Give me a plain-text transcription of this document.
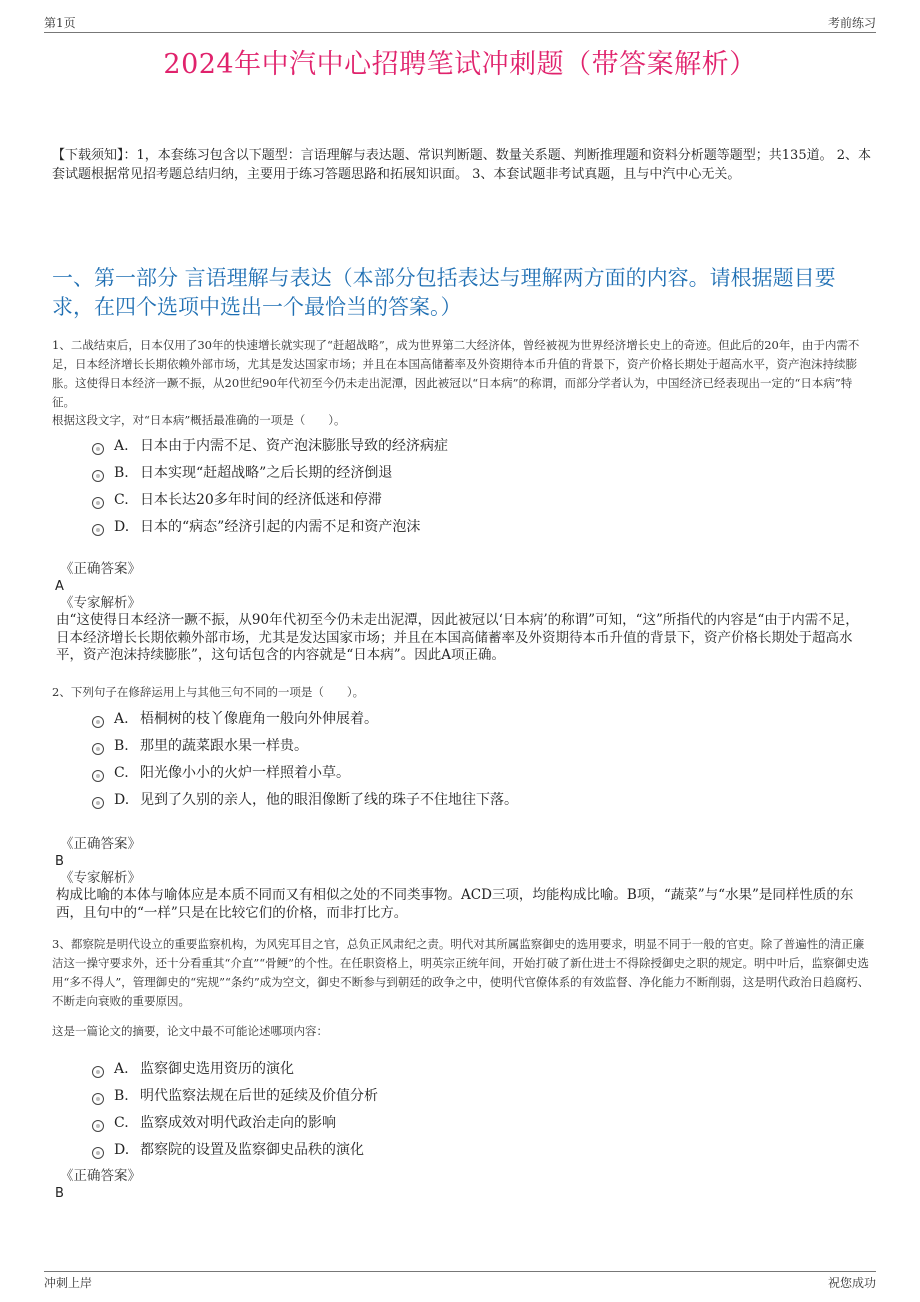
第1页	考前练习
2024年中汽中心招聘笔试冲刺题（带答案解析）
【下载须知】：1，本套练习包含以下题型：言语理解与表达题、常识判断题、数量关系题、判断推理题和资料分析题等题型；共135道。 2、本套试题根据常见招考题总结归纳，主要用于练习答题思路和拓展知识面。 3、本套试题非考试真题，且与中汽中心无关。
一、第一部分 言语理解与表达（本部分包括表达与理解两方面的内容。请根据题目要求，在四个选项中选出一个最恰当的答案。）
1、二战结束后，日本仅用了30年的快速增长就实现了“赶超战略”，成为世界第二大经济体，曾经被视为世界经济增长史上的奇迹。但此后的20年，由于内需不足，日本经济增长长期依赖外部市场，尤其是发达国家市场；并且在本国高储蓄率及外资期待本币升值的背景下，资产价格长期处于超高水平，资产泡沫持续膨胀。这使得日本经济一蹶不振，从20世纪90年代初至今仍未走出泥潭，因此被冠以“日本病”的称谓，而部分学者认为，中国经济已经表现出一定的“日本病”特征。
根据这段文字，对“日本病”概括最准确的一项是（　　）。
A. 日本由于内需不足、资产泡沫膨胀导致的经济病症
B. 日本实现“赶超战略”之后长期的经济倒退
C. 日本长达20多年时间的经济低迷和停滞
D. 日本的“病态”经济引起的内需不足和资产泡沫
《正确答案》
A
《专家解析》
由“这使得日本经济一蹶不振，从90年代初至今仍未走出泥潭，因此被冠以‘日本病’的称谓”可知，“这”所指代的内容是“由于内需不足，日本经济增长长期依赖外部市场，尤其是发达国家市场；并且在本国高储蓄率及外资期待本币升值的背景下，资产价格长期处于超高水平，资产泡沫持续膨胀”，这句话包含的内容就是“日本病”。因此A项正确。
2、下列句子在修辞运用上与其他三句不同的一项是（　　）。
A. 梧桐树的枝丫像鹿角一般向外伸展着。
B. 那里的蔬菜跟水果一样贵。
C. 阳光像小小的火炉一样照着小草。
D. 见到了久别的亲人，他的眼泪像断了线的珠子不住地往下落。
《正确答案》
B
《专家解析》
构成比喻的本体与喻体应是本质不同而又有相似之处的不同类事物。ACD三项，均能构成比喻。B项，“蔬菜”与“水果”是同样性质的东西，且句中的“一样”只是在比较它们的价格，而非打比方。
3、都察院是明代设立的重要监察机构，为风宪耳目之官，总负正风肃纪之责。明代对其所属监察御史的选用要求，明显不同于一般的官吏。除了普遍性的清正廉洁这一操守要求外，还十分看重其“介直”“骨鲠”的个性。在任职资格上，明英宗正统年间，开始打破了新仕进士不得除授御史之职的规定。明中叶后，监察御史选用“多不得人”，管理御史的“宪规”“条约”成为空文，御史不断参与到朝廷的政争之中，使明代官僚体系的有效监督、净化能力不断削弱，这是明代政治日趋腐朽、不断走向衰败的重要原因。
这是一篇论文的摘要，论文中最不可能论述哪项内容：
A. 监察御史选用资历的演化
B. 明代监察法规在后世的延续及价值分析
C. 监察成效对明代政治走向的影响
D. 都察院的设置及监察御史品秩的演化
《正确答案》
B
冲刺上岸	祝您成功
